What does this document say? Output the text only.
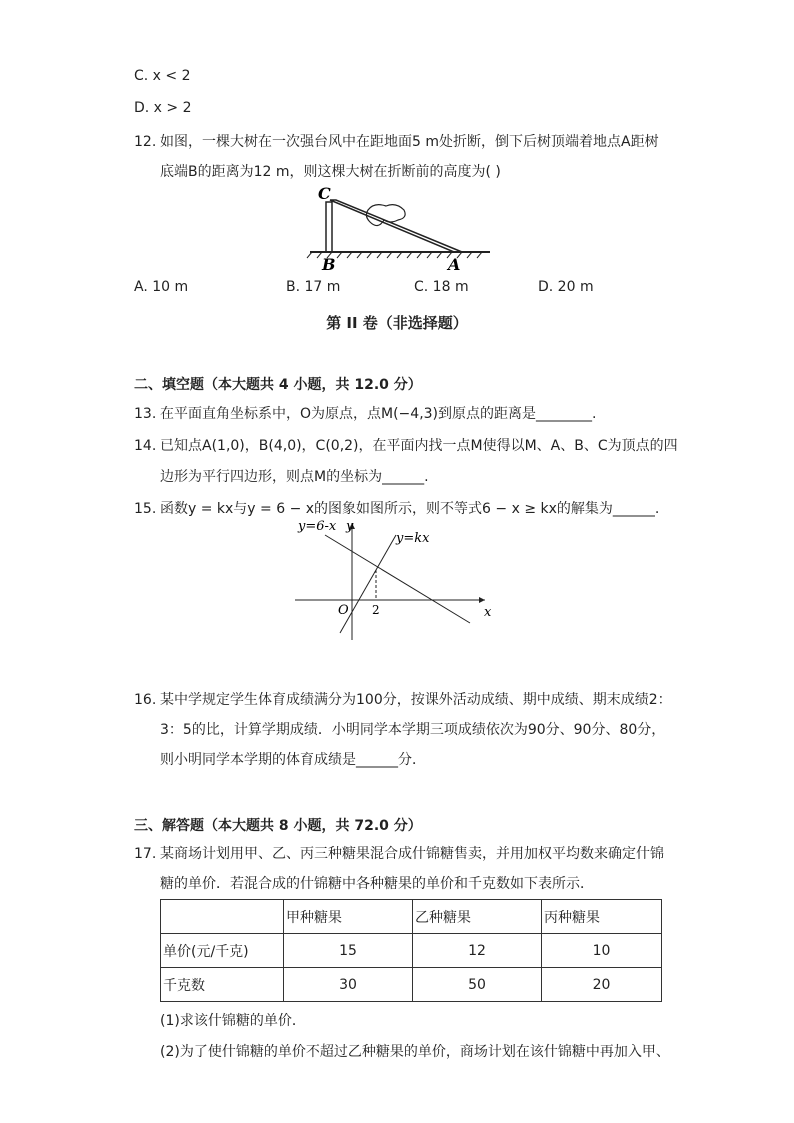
C. x < 2
D. x > 2
12. 如图，一棵大树在一次强台风中在距地面5 m处折断，倒下后树顶端着地点A距树
底端B的距离为12 m，则这棵大树在折断前的高度为( )
C
B	A
A. 10 m	B. 17 m	C. 18 m	D. 20 m
第 II 卷（非选择题）
二、填空题（本大题共 4 小题，共 12.0 分）
13. 在平面直角坐标系中，O为原点，点M(−4,3)到原点的距离是________.
14. 已知点A(1,0)，B(4,0)，C(0,2)，在平面内找一点M使得以M、A、B、C为顶点的四
边形为平行四边形，则点M的坐标为______.
15. 函数y = kx与y = 6 − x的图象如图所示，则不等式6 − x ≥ kx的解集为______.
y=6-x y
y=kx
O 2	x
16. 某中学规定学生体育成绩满分为100分，按课外活动成绩、期中成绩、期末成绩2：
3：5的比，计算学期成绩．小明同学本学期三项成绩依次为90分、90分、80分，
则小明同学本学期的体育成绩是______分．
三、解答题（本大题共 8 小题，共 72.0 分）
17. 某商场计划用甲、乙、丙三种糖果混合成什锦糖售卖，并用加权平均数来确定什锦
糖的单价．若混合成的什锦糖中各种糖果的单价和千克数如下表所示．
	甲种糖果	乙种糖果	丙种糖果
单价(元/千克)	15	12	10
千克数	30	50	20
(1)求该什锦糖的单价．
(2)为了使什锦糖的单价不超过乙种糖果的单价，商场计划在该什锦糖中再加入甲、
